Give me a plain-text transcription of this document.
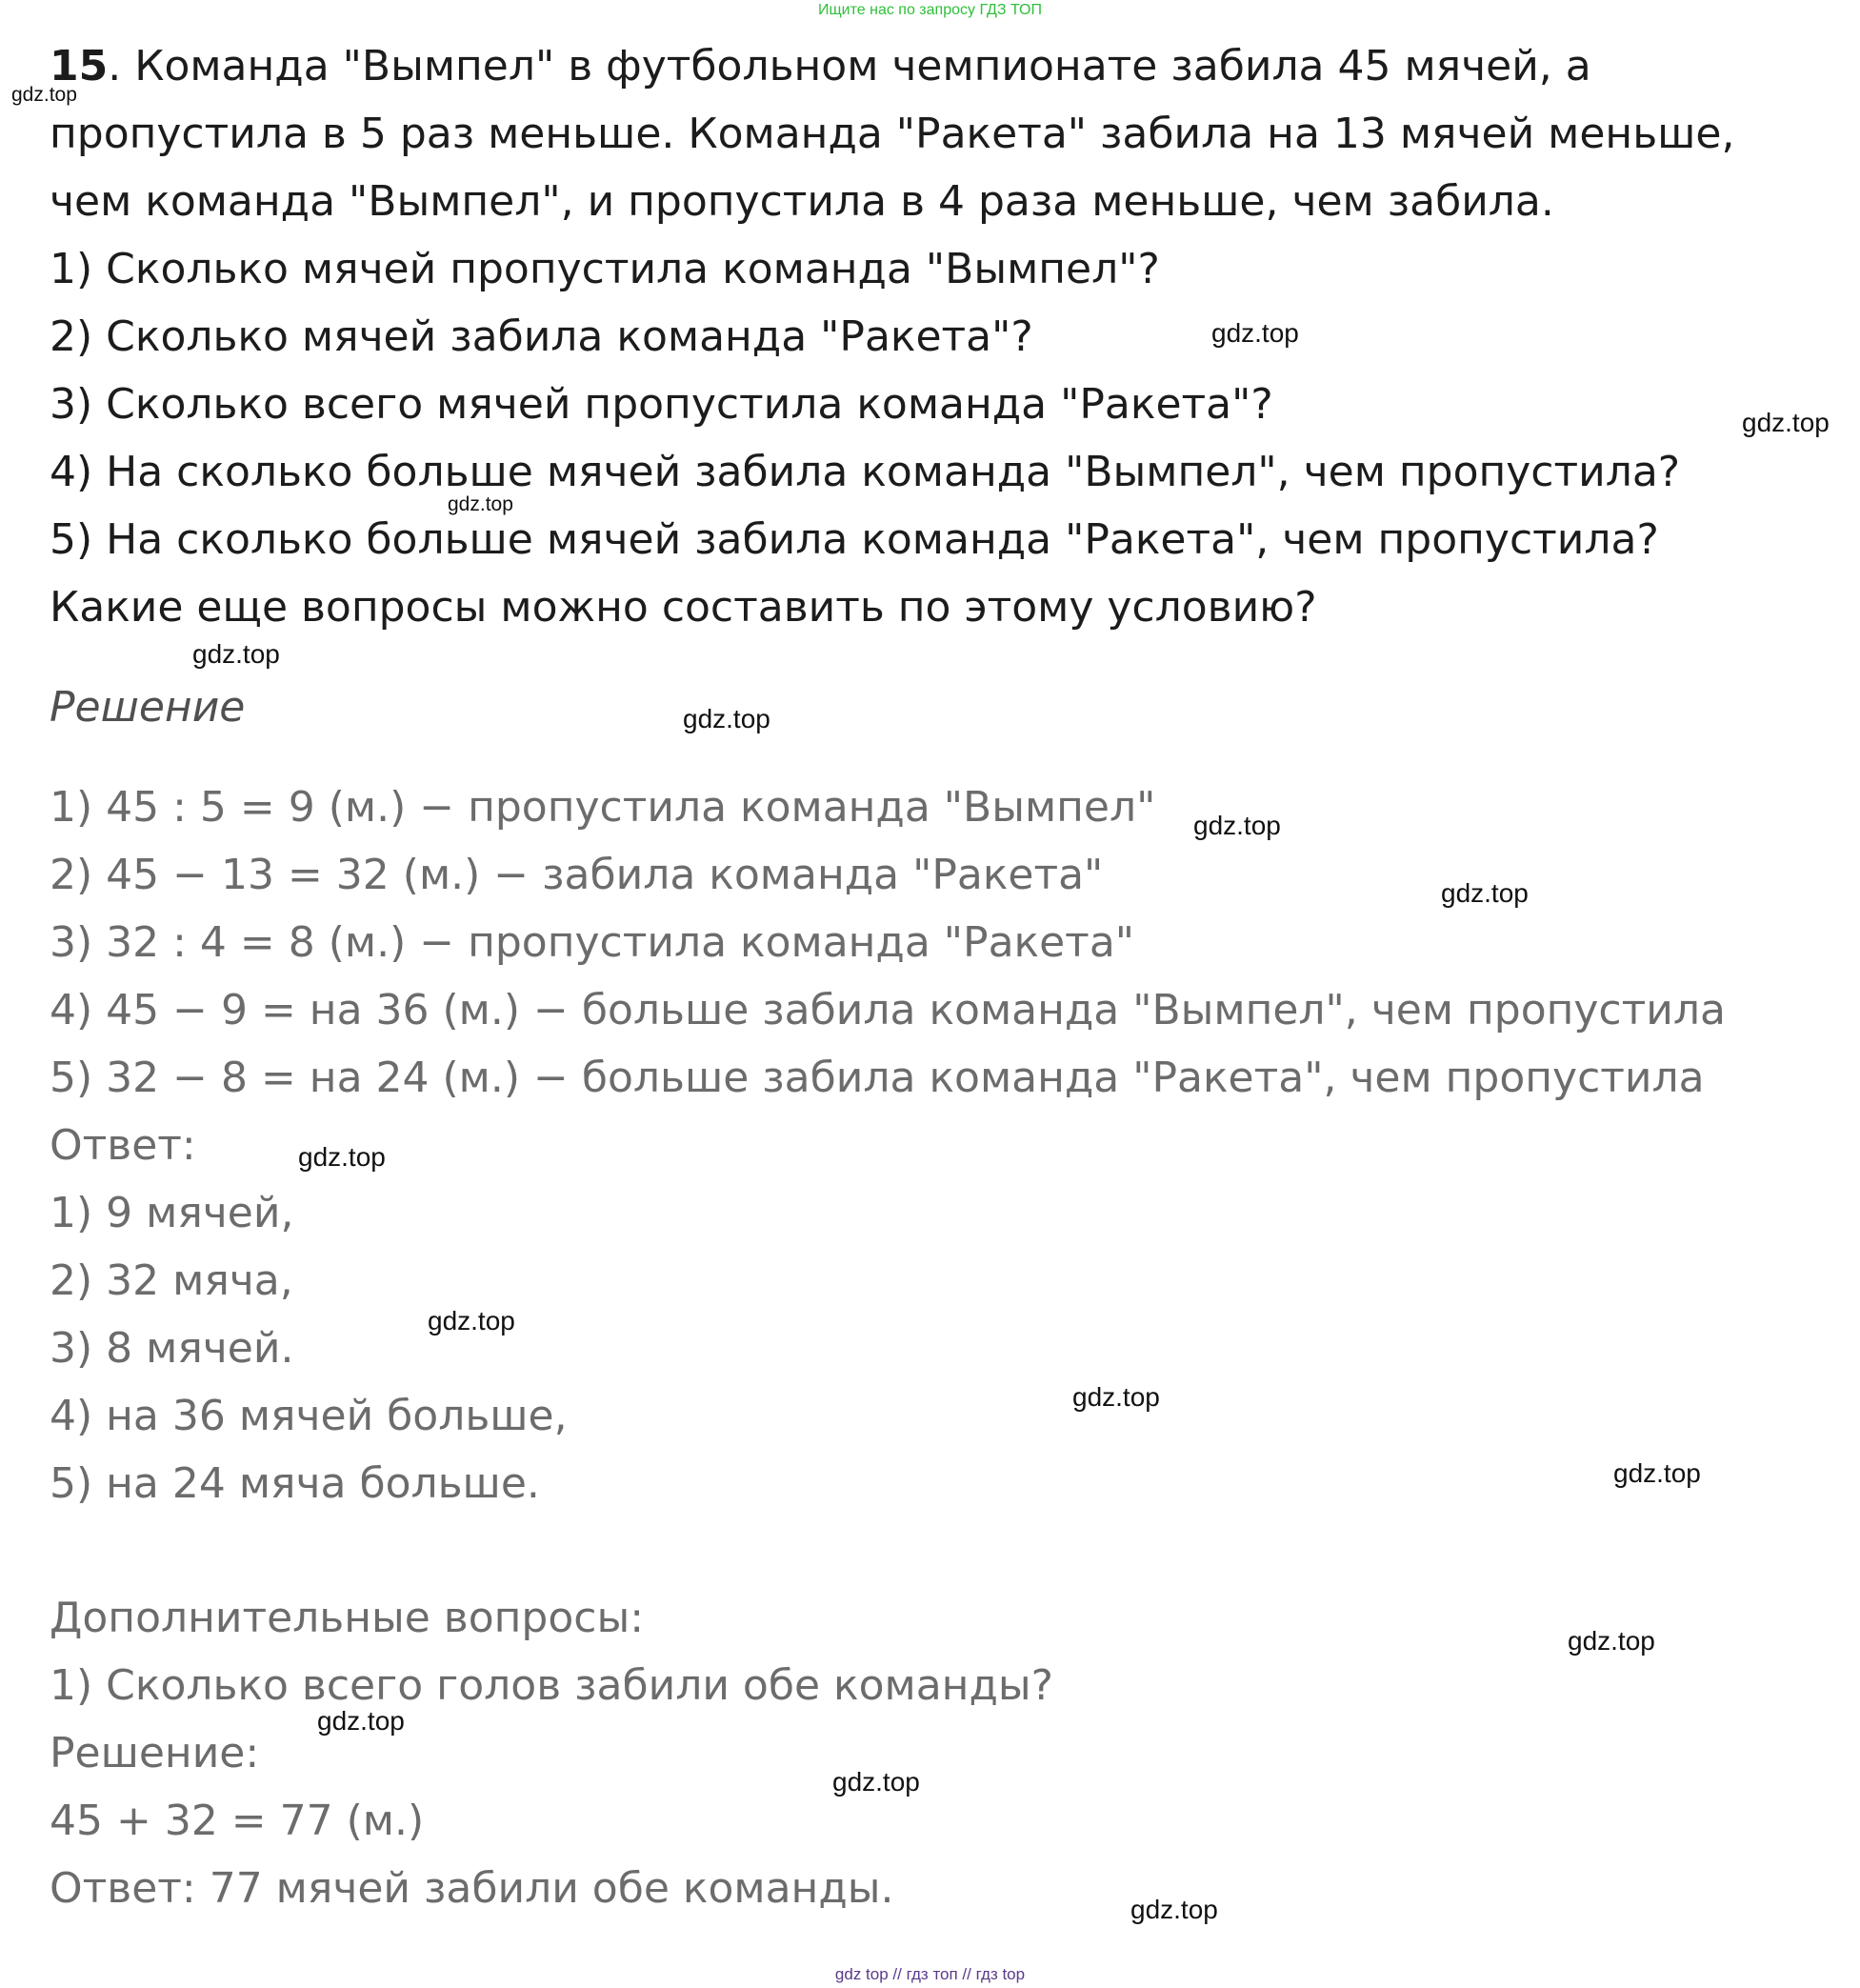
Ищите нас по запросу ГДЗ ТОП
15. Команда "Вымпел" в футбольном чемпионате забила 45 мячей, а
пропустила в 5 раз меньше. Команда "Ракета" забила на 13 мячей меньше,
чем команда "Вымпел", и пропустила в 4 раза меньше, чем забила.
1) Сколько мячей пропустила команда "Вымпел"?
2) Сколько мячей забила команда "Ракета"?
3) Сколько всего мячей пропустила команда "Ракета"?
4) На сколько больше мячей забила команда "Вымпел", чем пропустила?
5) На сколько больше мячей забила команда "Ракета", чем пропустила?
Какие еще вопросы можно составить по этому условию?
Решение
1) 45 : 5 = 9 (м.) − пропустила команда "Вымпел"
2) 45 − 13 = 32 (м.) − забила команда "Ракета"
3) 32 : 4 = 8 (м.) − пропустила команда "Ракета"
4) 45 − 9 = на 36 (м.) − больше забила команда "Вымпел", чем пропустила
5) 32 − 8 = на 24 (м.) − больше забила команда "Ракета", чем пропустила
Ответ:
1) 9 мячей,
2) 32 мяча,
3) 8 мячей.
4) на 36 мячей больше,
5) на 24 мяча больше.
Дополнительные вопросы:
1) Сколько всего голов забили обе команды?
Решение:
45 + 32 = 77 (м.)
Ответ: 77 мячей забили обе команды.
gdz.top
gdz.top
gdz.top
gdz.top
gdz.top
gdz.top
gdz.top
gdz.top
gdz.top
gdz.top
gdz.top
gdz.top
gdz.top
gdz.top
gdz.top
gdz.top
gdz top // гдз топ // гдз top
